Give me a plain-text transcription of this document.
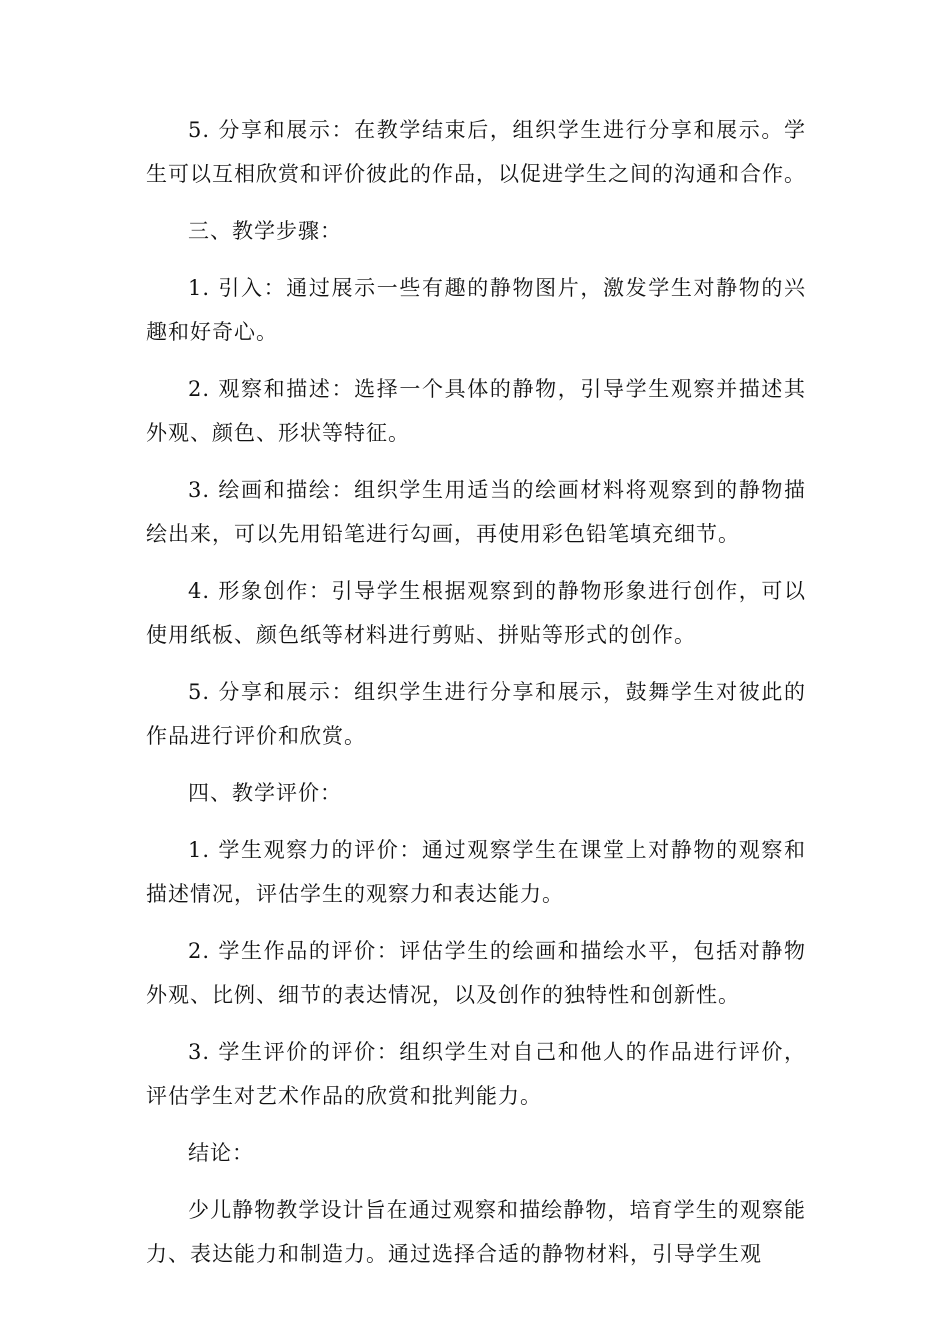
5. 分享和展示：在教学结束后，组织学生进行分享和展示。学生可以互相欣赏和评价彼此的作品，以促进学生之间的沟通和合作。

三、教学步骤：

1. 引入：通过展示一些有趣的静物图片，激发学生对静物的兴趣和好奇心。

2. 观察和描述：选择一个具体的静物，引导学生观察并描述其外观、颜色、形状等特征。

3. 绘画和描绘：组织学生用适当的绘画材料将观察到的静物描绘出来，可以先用铅笔进行勾画，再使用彩色铅笔填充细节。

4. 形象创作：引导学生根据观察到的静物形象进行创作，可以使用纸板、颜色纸等材料进行剪贴、拼贴等形式的创作。

5. 分享和展示：组织学生进行分享和展示，鼓舞学生对彼此的作品进行评价和欣赏。

四、教学评价：

1. 学生观察力的评价：通过观察学生在课堂上对静物的观察和描述情况，评估学生的观察力和表达能力。

2. 学生作品的评价：评估学生的绘画和描绘水平，包括对静物外观、比例、细节的表达情况，以及创作的独特性和创新性。

3. 学生评价的评价：组织学生对自己和他人的作品进行评价，评估学生对艺术作品的欣赏和批判能力。

结论：

少儿静物教学设计旨在通过观察和描绘静物，培育学生的观察能力、表达能力和制造力。通过选择合适的静物材料，引导学生观
